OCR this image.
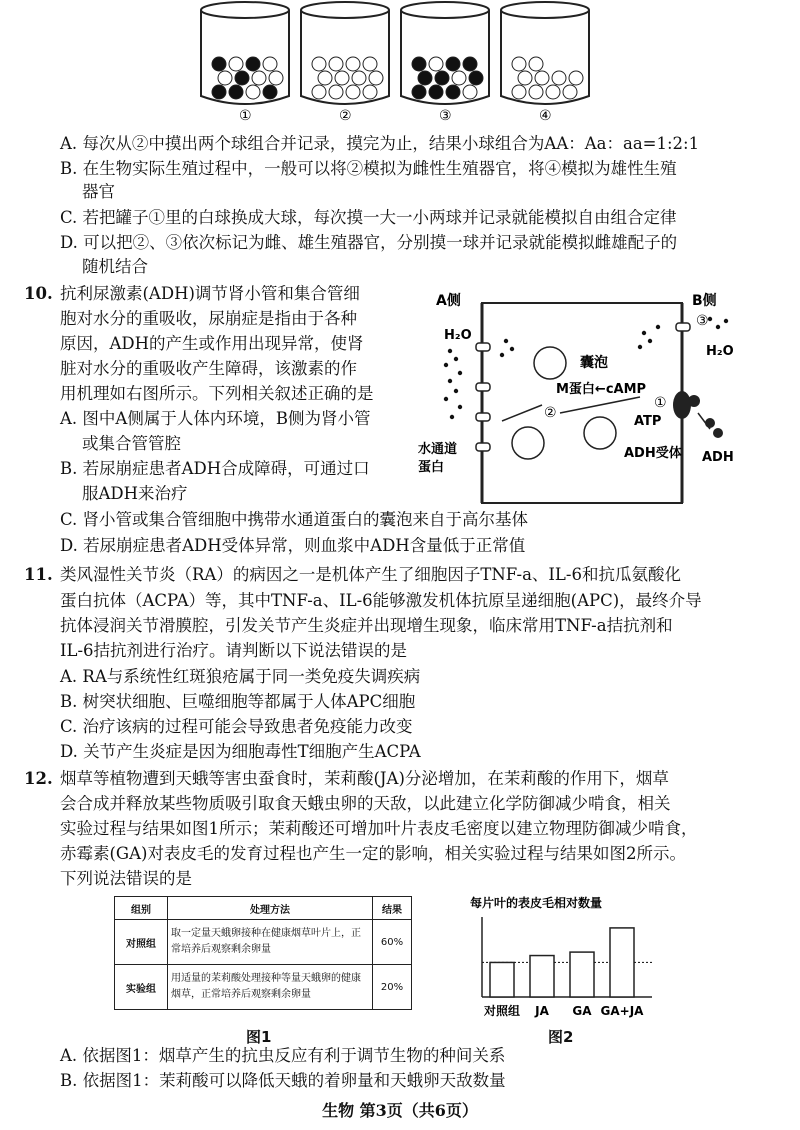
①	②	③	④
A. 每次从②中摸出两个球组合并记录，摸完为止，结果小球组合为AA：Aa：aa=1:2:1
B. 在生物实际生殖过程中，一般可以将②模拟为雌性生殖器官，将④模拟为雄性生殖
器官
C. 若把罐子①里的白球换成大球，每次摸一大一小两球并记录就能模拟自由组合定律
D. 可以把②、③依次标记为雌、雄生殖器官，分别摸一球并记录就能模拟雌雄配子的
随机结合
10. 抗利尿激素(ADH)调节肾小管和集合管细
胞对水分的重吸收，尿崩症是指由于各种
原因，ADH的产生或作用出现异常，使肾
脏对水分的重吸收产生障碍，该激素的作
用机理如右图所示。下列相关叙述正确的是
A. 图中A侧属于人体内环境，B侧为肾小管
或集合管管腔
B. 若尿崩症患者ADH合成障碍，可通过口
服ADH来治疗
C. 肾小管或集合管细胞中携带水通道蛋白的囊泡来自于高尔基体
D. 若尿崩症患者ADH受体异常，则血浆中ADH含量低于正常值
A侧	B侧
H₂O
H₂O
③
囊泡
M蛋白←cAMP
②
①
ATP
ADH受体 ADH
水通道
蛋白
11. 类风湿性关节炎（RA）的病因之一是机体产生了细胞因子TNF-a、IL-6和抗瓜氨酸化
蛋白抗体（ACPA）等，其中TNF-a、IL-6能够激发机体抗原呈递细胞(APC)，最终介导
抗体浸润关节滑膜腔，引发关节产生炎症并出现增生现象，临床常用TNF-a拮抗剂和
IL-6拮抗剂进行治疗。请判断以下说法错误的是
A. RA与系统性红斑狼疮属于同一类免疫失调疾病
B. 树突状细胞、巨噬细胞等都属于人体APC细胞
C. 治疗该病的过程可能会导致患者免疫能力改变
D. 关节产生炎症是因为细胞毒性T细胞产生ACPA
12. 烟草等植物遭到天蛾等害虫蚕食时，茉莉酸(JA)分泌增加，在茉莉酸的作用下，烟草
会合成并释放某些物质吸引取食天蛾虫卵的天敌，以此建立化学防御减少啃食，相关
实验过程与结果如图1所示；茉莉酸还可增加叶片表皮毛密度以建立物理防御减少啃食，
赤霉素(GA)对表皮毛的发育过程也产生一定的影响，相关实验过程与结果如图2所示。
下列说法错误的是
组别	处理方法	结果
对照组	取一定量天蛾卵接种在健康烟草叶片上，正常培养后观察剩余卵量	60%
实验组	用适量的茉莉酸处理接种等量天蛾卵的健康烟草，正常培养后观察剩余卵量	20%
图1
每片叶的表皮毛相对数量
对照组 JA GA GA+JA
图2
A. 依据图1：烟草产生的抗虫反应有利于调节生物的种间关系
B. 依据图1：茉莉酸可以降低天蛾的着卵量和天蛾卵天敌数量
生物 第3页（共6页）
